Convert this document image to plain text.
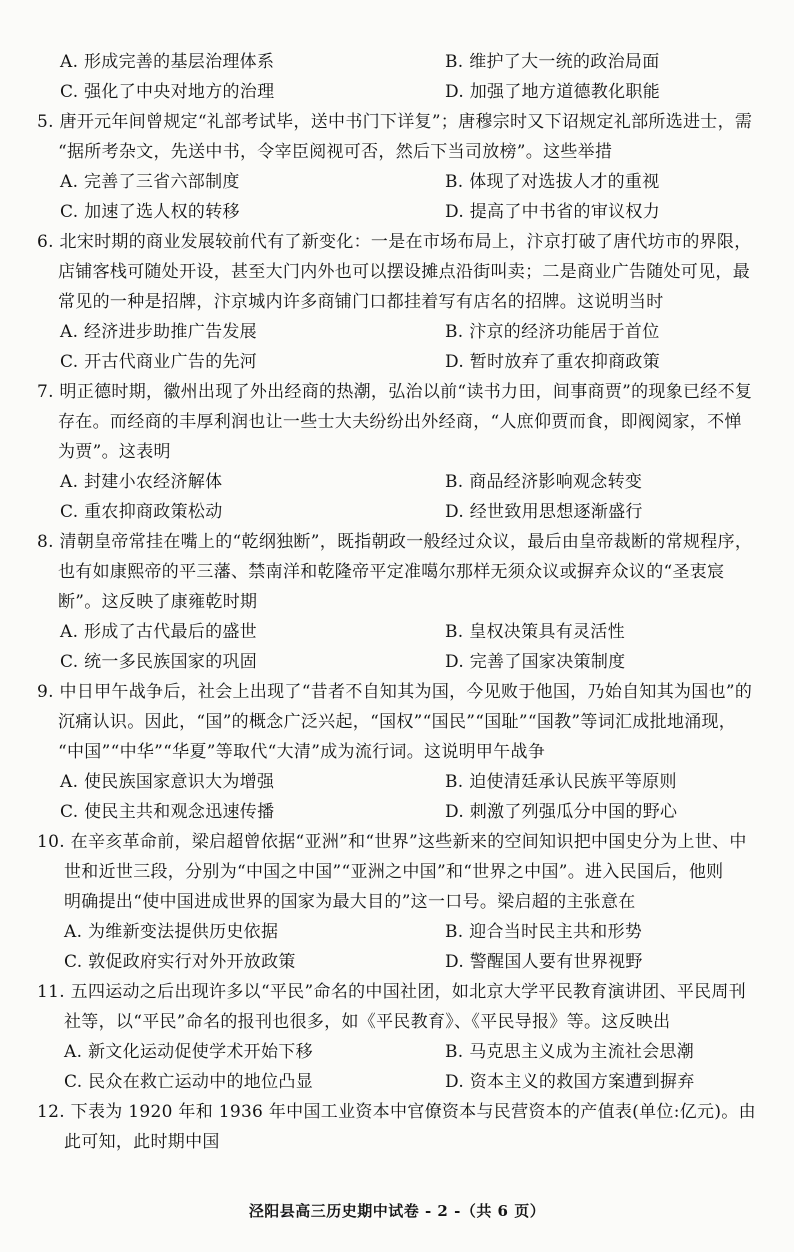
A. 形成完善的基层治理体系	B. 维护了大一统的政治局面
C. 强化了中央对地方的治理	D. 加强了地方道德教化职能
5. 唐开元年间曾规定“礼部考试毕，送中书门下详复”；唐穆宗时又下诏规定礼部所选进士，需
“据所考杂文，先送中书，令宰臣阅视可否，然后下当司放榜”。这些举措
A. 完善了三省六部制度	B. 体现了对选拔人才的重视
C. 加速了选人权的转移	D. 提高了中书省的审议权力
6. 北宋时期的商业发展较前代有了新变化：一是在市场布局上，汴京打破了唐代坊市的界限，
店铺客栈可随处开设，甚至大门内外也可以摆设摊点沿街叫卖；二是商业广告随处可见，最
常见的一种是招牌，汴京城内许多商铺门口都挂着写有店名的招牌。这说明当时
A. 经济进步助推广告发展	B. 汴京的经济功能居于首位
C. 开古代商业广告的先河	D. 暂时放弃了重农抑商政策
7. 明正德时期，徽州出现了外出经商的热潮，弘治以前“读书力田，间事商贾”的现象已经不复
存在。而经商的丰厚利润也让一些士大夫纷纷出外经商，“人庶仰贾而食，即阀阅家，不惮
为贾”。这表明
A. 封建小农经济解体	B. 商品经济影响观念转变
C. 重农抑商政策松动	D. 经世致用思想逐渐盛行
8. 清朝皇帝常挂在嘴上的“乾纲独断”，既指朝政一般经过众议，最后由皇帝裁断的常规程序，
也有如康熙帝的平三藩、禁南洋和乾隆帝平定准噶尔那样无须众议或摒弃众议的“圣衷宸
断”。这反映了康雍乾时期
A. 形成了古代最后的盛世	B. 皇权决策具有灵活性
C. 统一多民族国家的巩固	D. 完善了国家决策制度
9. 中日甲午战争后，社会上出现了“昔者不自知其为国，今见败于他国，乃始自知其为国也”的
沉痛认识。因此，“国”的概念广泛兴起，“国权”“国民”“国耻”“国教”等词汇成批地涌现，
“中国”“中华”“华夏”等取代“大清”成为流行词。这说明甲午战争
A. 使民族国家意识大为增强	B. 迫使清廷承认民族平等原则
C. 使民主共和观念迅速传播	D. 刺激了列强瓜分中国的野心
10. 在辛亥革命前，梁启超曾依据“亚洲”和“世界”这些新来的空间知识把中国史分为上世、中
世和近世三段，分别为“中国之中国”“亚洲之中国”和“世界之中国”。进入民国后，他则
明确提出“使中国进成世界的国家为最大目的”这一口号。梁启超的主张意在
A. 为维新变法提供历史依据	B. 迎合当时民主共和形势
C. 敦促政府实行对外开放政策	D. 警醒国人要有世界视野
11. 五四运动之后出现许多以“平民”命名的中国社团，如北京大学平民教育演讲团、平民周刊
社等，以“平民”命名的报刊也很多，如《平民教育》、《平民导报》等。这反映出
A. 新文化运动促使学术开始下移	B. 马克思主义成为主流社会思潮
C. 民众在救亡运动中的地位凸显	D. 资本主义的救国方案遭到摒弃
12. 下表为 1920 年和 1936 年中国工业资本中官僚资本与民营资本的产值表(单位:亿元)。由
此可知，此时期中国
泾阳县高三历史期中试卷 - 2 -（共 6 页）
